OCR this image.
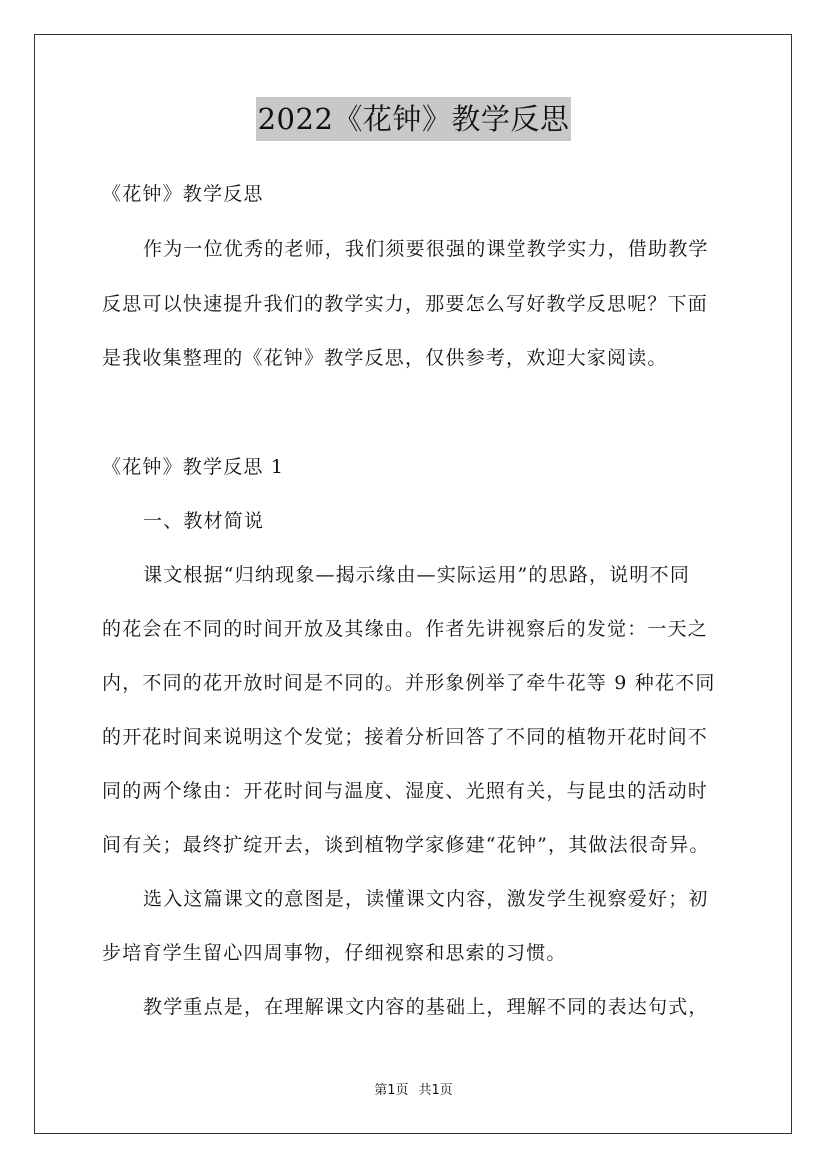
2022《花钟》教学反思
《花钟》教学反思
作为一位优秀的老师，我们须要很强的课堂教学实力，借助教学
反思可以快速提升我们的教学实力，那要怎么写好教学反思呢？下面
是我收集整理的《花钟》教学反思，仅供参考，欢迎大家阅读。
《花钟》教学反思 1
一、教材简说
课文根据“归纳现象—揭示缘由—实际运用”的思路，说明不同
的花会在不同的时间开放及其缘由。作者先讲视察后的发觉：一天之
内，不同的花开放时间是不同的。并形象例举了牵牛花等 9 种花不同
的开花时间来说明这个发觉；接着分析回答了不同的植物开花时间不
同的两个缘由：开花时间与温度、湿度、光照有关，与昆虫的活动时
间有关；最终扩绽开去，谈到植物学家修建“花钟”，其做法很奇异。
选入这篇课文的意图是，读懂课文内容，激发学生视察爱好；初
步培育学生留心四周事物，仔细视察和思索的习惯。
教学重点是，在理解课文内容的基础上，理解不同的表达句式，
第1页 共1页
